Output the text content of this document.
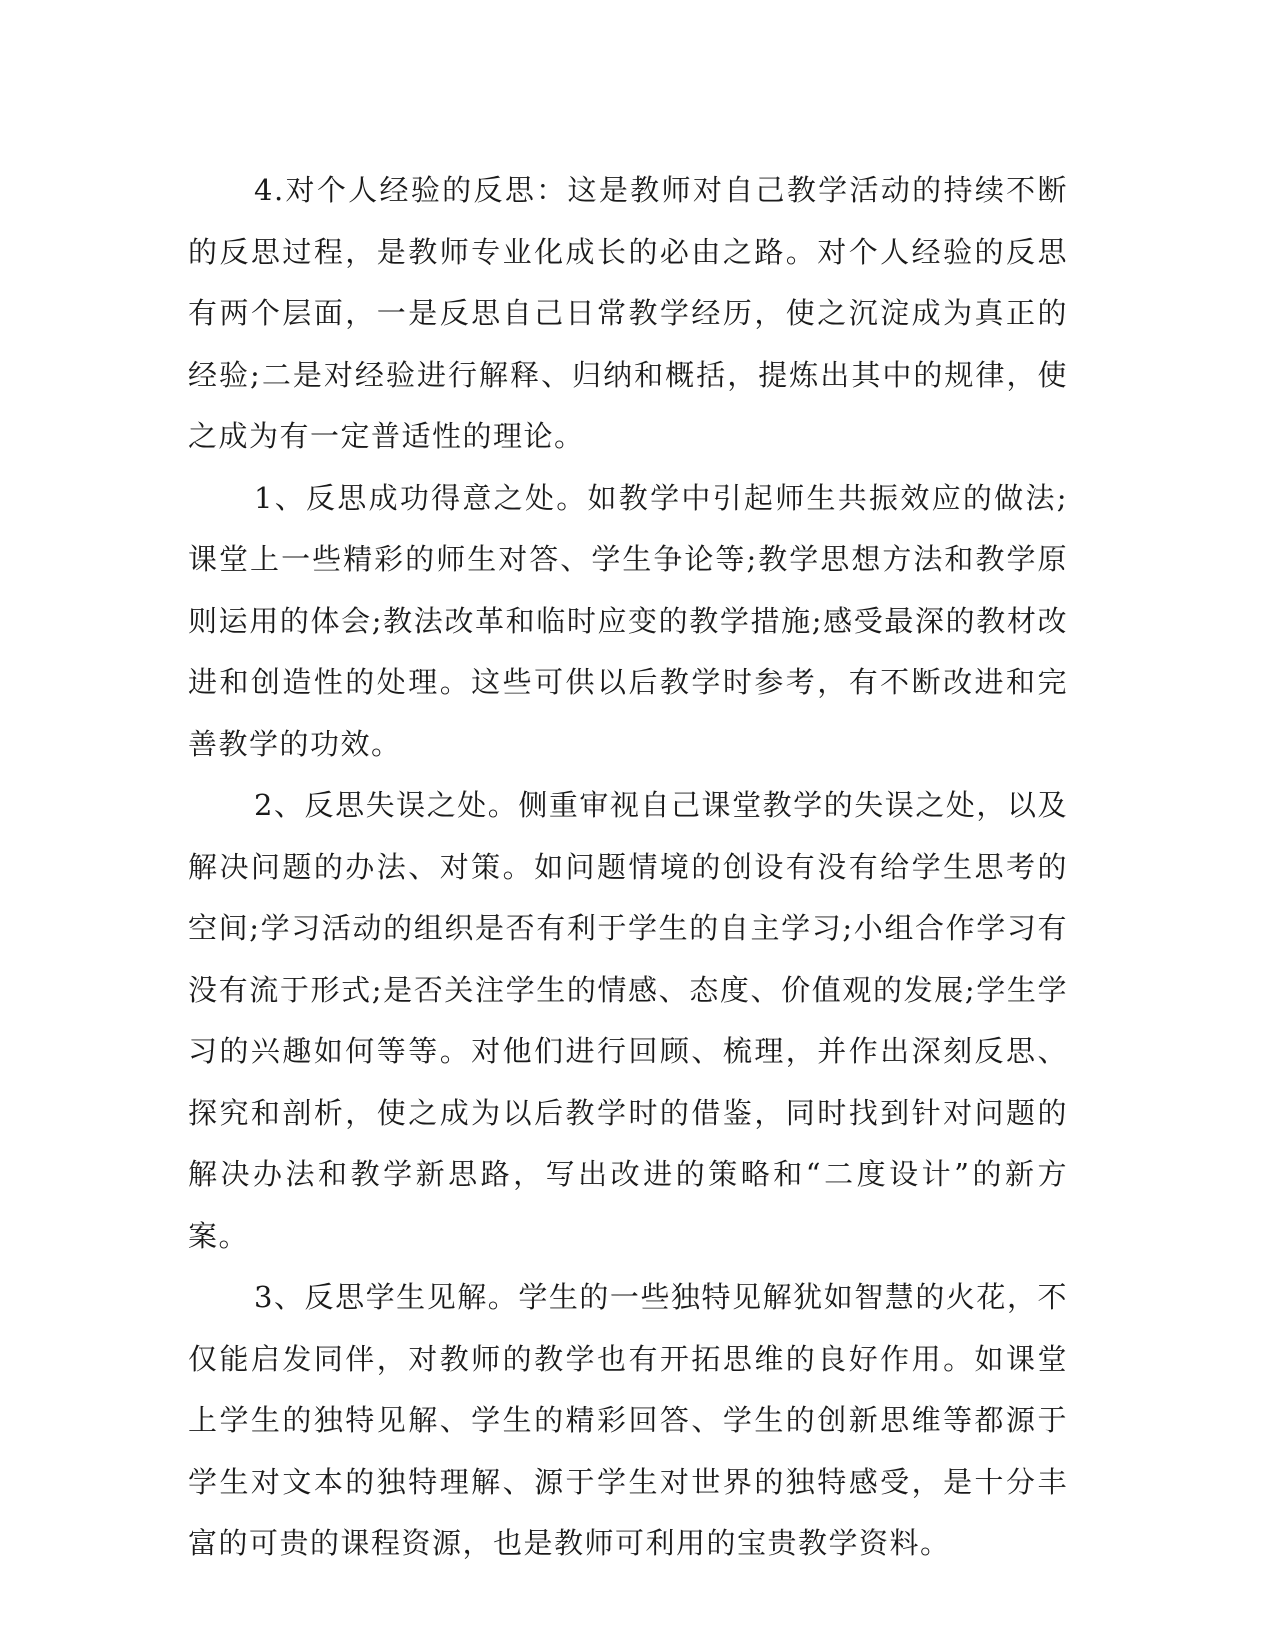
4.对个人经验的反思：这是教师对自己教学活动的持续不断的反思过程，是教师专业化成长的必由之路。对个人经验的反思有两个层面，一是反思自己日常教学经历，使之沉淀成为真正的经验;二是对经验进行解释、归纳和概括，提炼出其中的规律，使之成为有一定普适性的理论。

1、反思成功得意之处。如教学中引起师生共振效应的做法;课堂上一些精彩的师生对答、学生争论等;教学思想方法和教学原则运用的体会;教法改革和临时应变的教学措施;感受最深的教材改进和创造性的处理。这些可供以后教学时参考，有不断改进和完善教学的功效。

2、反思失误之处。侧重审视自己课堂教学的失误之处，以及解决问题的办法、对策。如问题情境的创设有没有给学生思考的空间;学习活动的组织是否有利于学生的自主学习;小组合作学习有没有流于形式;是否关注学生的情感、态度、价值观的发展;学生学习的兴趣如何等等。对他们进行回顾、梳理，并作出深刻反思、探究和剖析，使之成为以后教学时的借鉴，同时找到针对问题的解决办法和教学新思路，写出改进的策略和“二度设计”的新方案。

3、反思学生见解。学生的一些独特见解犹如智慧的火花，不仅能启发同伴，对教师的教学也有开拓思维的良好作用。如课堂上学生的独特见解、学生的精彩回答、学生的创新思维等都源于学生对文本的独特理解、源于学生对世界的独特感受，是十分丰富的可贵的课程资源，也是教师可利用的宝贵教学资料。
